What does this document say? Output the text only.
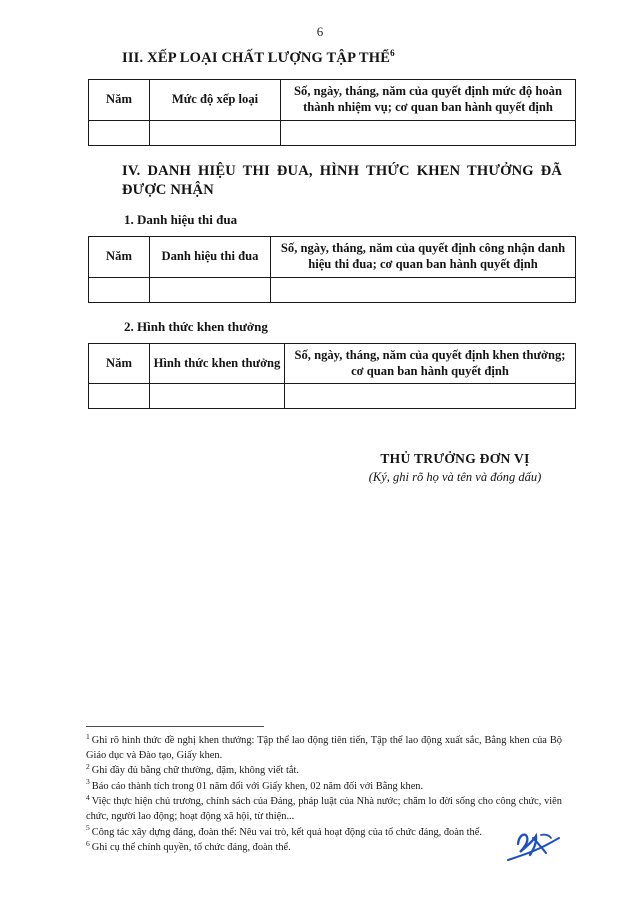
6
III. XẾP LOẠI CHẤT LƯỢNG TẬP THỂ$^6$
Năm	Mức độ xếp loại	Số, ngày, tháng, năm của quyết định mức độ hoàn thành nhiệm vụ; cơ quan ban hành quyết định

IV. DANH HIỆU THI ĐUA, HÌNH THỨC KHEN THƯỞNG ĐÃ
ĐƯỢC NHẬN
1. Danh hiệu thi đua
Năm	Danh hiệu thi đua	Số, ngày, tháng, năm của quyết định công nhận danh hiệu thi đua; cơ quan ban hành quyết định

2. Hình thức khen thưởng
Năm	Hình thức khen thưởng	Số, ngày, tháng, năm của quyết định khen thưởng; cơ quan ban hành quyết định

THỦ TRƯỞNG ĐƠN VỊ
(Ký, ghi rõ họ và tên và đóng dấu)

$^1$ Ghi rõ hình thức đề nghị khen thưởng: Tập thể lao động tiên tiến, Tập thể lao động xuất sắc, Bằng khen của Bộ Giáo dục và Đào tạo, Giấy khen.

$^2$ Ghi đầy đủ bằng chữ thường, đậm, không viết tắt.

$^3$ Báo cáo thành tích trong 01 năm đối với Giấy khen, 02 năm đối với Bằng khen.

$^4$ Việc thực hiện chủ trương, chính sách của Đảng, pháp luật của Nhà nước; chăm lo đời sống cho công chức, viên chức, người lao động; hoạt động xã hội, từ thiện...

$^5$ Công tác xây dựng đảng, đoàn thể: Nêu vai trò, kết quả hoạt động của tổ chức đảng, đoàn thể.

$^6$ Ghi cụ thể chính quyền, tổ chức đảng, đoàn thể.
